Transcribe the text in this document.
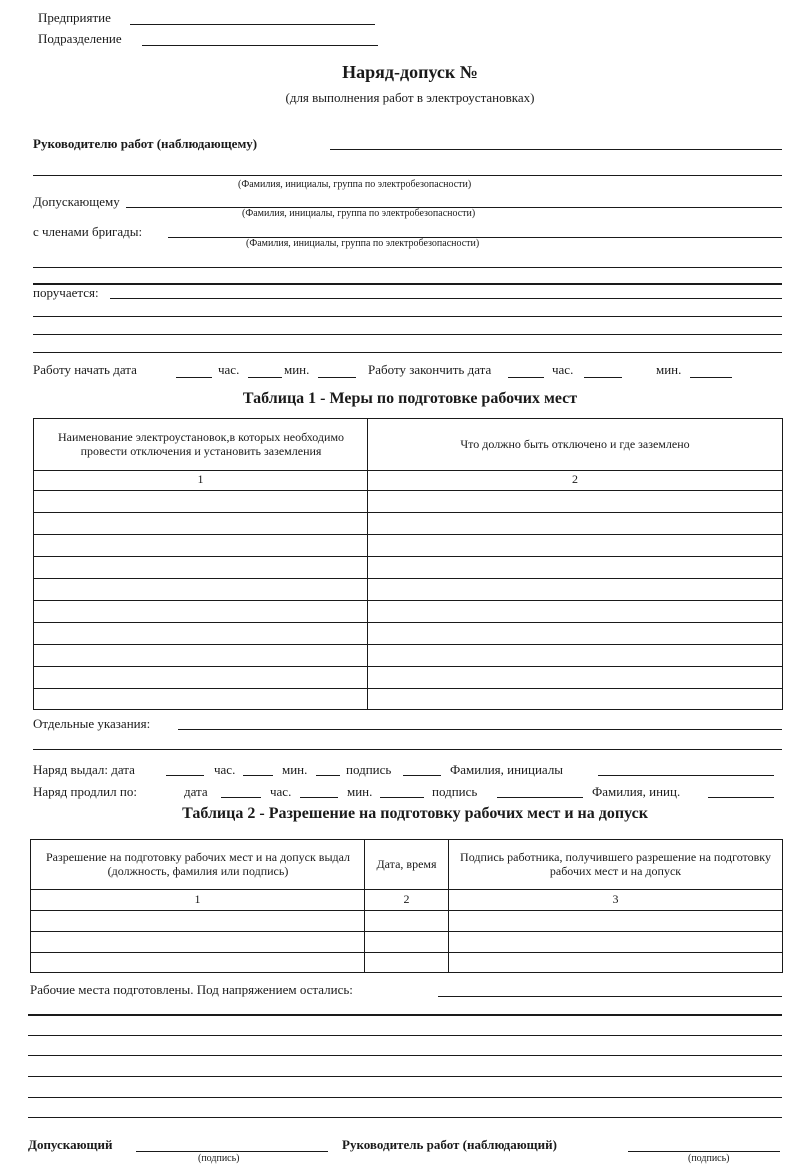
Предприятие
Подразделение
Наряд-допуск №
(для выполнения работ в электроустановках)
Руководителю работ (наблюдающему)
(Фамилия, инициалы, группа по электробезопасности)
Допускающему
(Фамилия, инициалы, группа по электробезопасности)
с членами бригады:
(Фамилия, инициалы, группа по электробезопасности)
поручается:
Работу начать дата	час.	мин.	Работу закончить дата	час.	мин.
Таблица 1 - Меры по подготовке рабочих мест
Наименование электроустановок,в которых необходимо провести отключения и установить заземления	Что должно быть отключено и где заземлено
1	2
Отдельные указания:
Наряд выдал: дата	час.	мин.	подпись	Фамилия, инициалы
Наряд продлил по:	дата	час.	мин.	подпись	Фамилия, иниц.
Таблица 2 - Разрешение на подготовку рабочих мест и на допуск
Разрешение на подготовку рабочих мест и на допуск выдал (должность, фамилия или подпись)	Дата, время	Подпись работника, получившего разрешение на подготовку рабочих мест и на допуск
1	2	3
Рабочие места подготовлены. Под напряжением остались:
Допускающий
(подпись)
Руководитель работ (наблюдающий)
(подпись)
